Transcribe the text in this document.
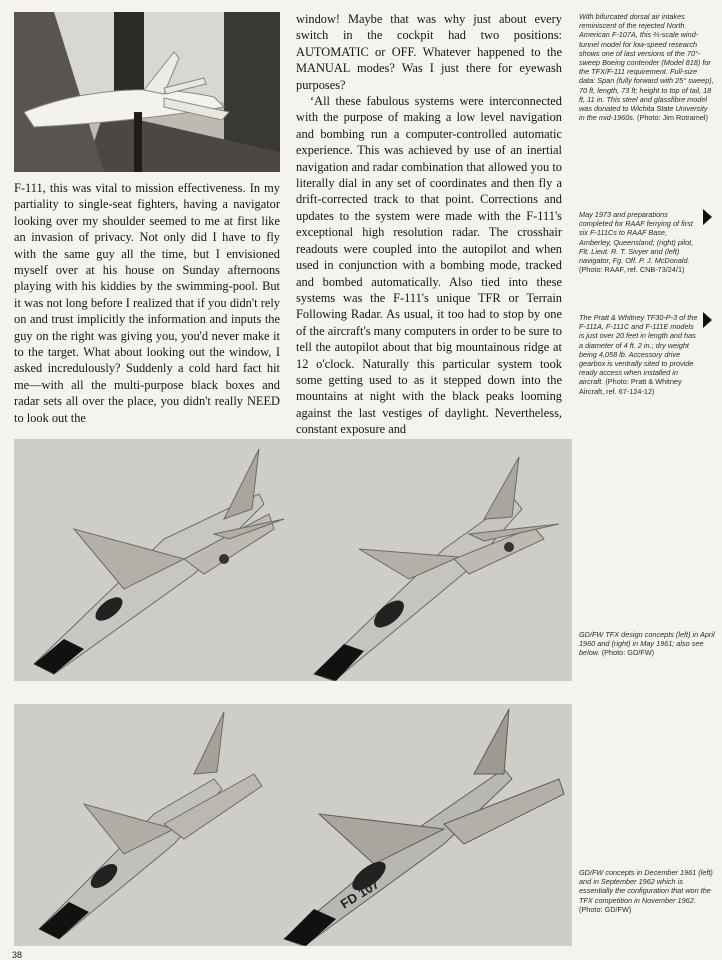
F-111, this was vital to mission effectiveness. In my partiality to single-seat fighters, having a navigator looking over my shoulder seemed to me at first like an invasion of privacy. Not only did I have to fly with the same guy all the time, but I envisioned myself over at his house on Sunday afternoons playing with his kiddies by the swimming-pool. But it was not long before I realized that if you didn't rely on and trust implicitly the information and inputs the guy on the right was giving you, you'd never make it to the target. What about looking out the window, I asked incredulously? Suddenly a cold hard fact hit me—with all the multi-purpose black boxes and radar sets all over the place, you didn't really NEED to look out the

window! Maybe that was why just about every switch in the cockpit had two positions: AUTOMATIC or OFF. Whatever happened to the MANUAL modes? Was I just there for eyewash purposes?

‘All these fabulous systems were interconnected with the purpose of making a low level navigation and bombing run a computer-controlled automatic experience. This was achieved by use of an inertial navigation and radar combination that allowed you to literally dial in any set of coordinates and then fly a drift-corrected track to that point. Corrections and updates to the system were made with the F-111's exceptional high resolution radar. The crosshair readouts were coupled into the autopilot and when used in conjunction with a bombing mode, tracked and bombed automatically. Also tied into these systems was the F-111's unique TFR or Terrain Following Radar. As usual, it too had to stop by one of the aircraft's many computers in order to be sure to tell the autopilot about that big mountainous ridge at 12 o'clock. Naturally this particular system took some getting used to as it stepped down into the mountains at night with the black peaks looming against the last vestiges of daylight. Nevertheless, constant exposure and

With bifurcated dorsal air intakes reminiscent of the rejected North American F-107A, this ⅔-scale wind-tunnel model for low-speed research shows one of last versions of the 70°-sweep Boeing contender (Model 818) for the TFX/F-111 requirement. Full-size data: Span (fully forward with 25° sweep), 70 ft, length, 73 ft; height to top of tail, 18 ft, 11 in. This steel and glassfibre model was donated to Wichita State University in the mid-1960s. (Photo: Jim Rotramel)
May 1973 and preparations completed for RAAF ferrying of first six F-111Cs to RAAF Base, Amberley, Queensland; (right) pilot, Flt. Lieut. R. T. Sivyer and (left) navigator, Fg. Off. P. J. McDonald. (Photo: RAAF, ref. CNB-73/24/1)
The Pratt & Whitney TF30-P-3 of the F-111A, F-111C and F-111E models is just over 20 feet in length and has a diameter of 4 ft. 2 in.; dry weight being 4,058 lb. Accessory drive gearbox is ventrally sited to provide ready access when installed in aircraft. (Photo: Pratt & Whitney Aircraft, ref. 67-124-12)
GD/FW TFX design concepts (left) in April 1960 and (right) in May 1961; also see below. (Photo: GD/FW)
FD 107
GD/FW concepts in December 1961 (left) and in September 1962 which is essentially the configuration that won the TFX competition in November 1962. (Photo: GD/FW)
38
